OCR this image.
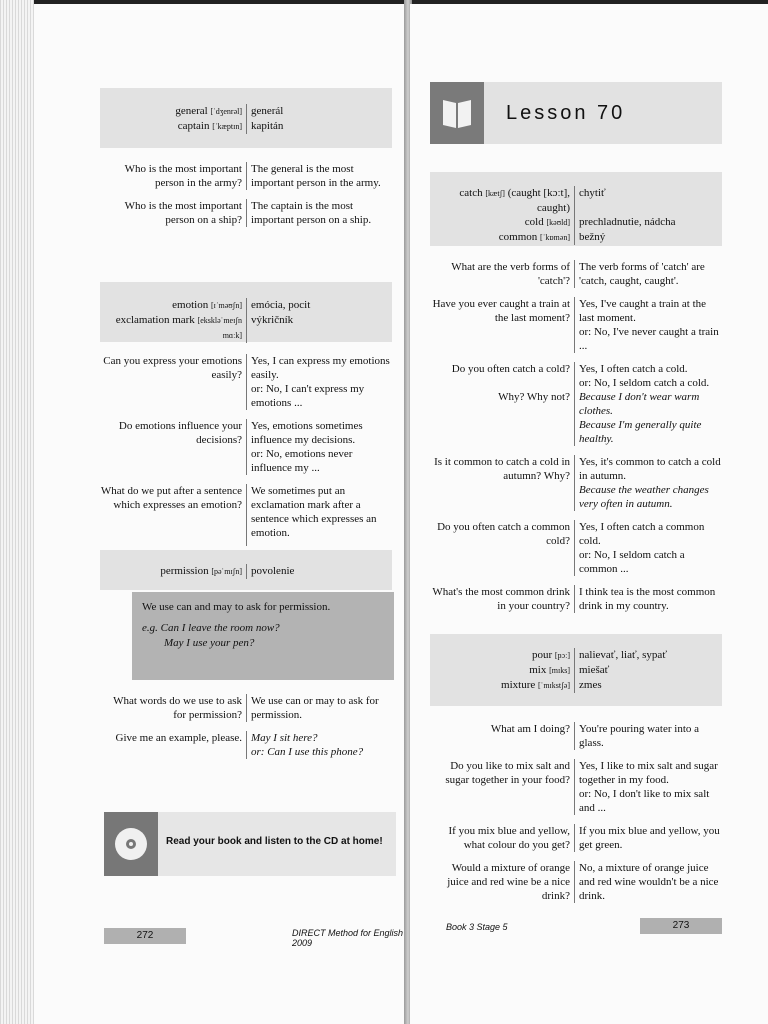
general [ˈdʒenrəl] generál
captain [ˈkæptɪn] kapitán
Who is the most important person in the army?
The general is the most important person in the army.
Who is the most important person on a ship?
The captain is the most important person on a ship.
emotion [ɪˈməʊʃn] emócia, pocit
exclamation mark [ekskləˈmeɪʃn mɑːk]
výkričník
Can you express your emotions easily?
Yes, I can express my emotions easily.
or: No, I can't express my emotions ...
Do emotions influence your decisions?
Yes, emotions sometimes influence my decisions.
or: No, emotions never influence my ...
What do we put after a sentence which expresses an emotion?
We sometimes put an exclamation mark after a sentence which expresses an emotion.
permission [pəˈmɪʃn] povolenie
We use can and may to ask for permission.
e.g. Can I leave the room now?
May I use your pen?
What words do we use to ask for permission?
We use can or may to ask for permission.
Give me an example, please. May I sit here?
or: Can I use this phone?
Read your book and listen to the CD at home!
272	DIRECT Method for English 2009
Lesson 70
catch [kætʃ] (caught [kɔːt], caught)
chytiť
cold [kəʊld] prechladnutie, nádcha
common [ˈkɒmən] bežný
What are the verb forms of 'catch'?
The verb forms of 'catch' are 'catch, caught, caught'.
Have you ever caught a train at the last moment?
Yes, I've caught a train at the last moment.
or: No, I've never caught a train ...
Do you often catch a cold? Yes, I often catch a cold.
or: No, I seldom catch a cold.
Why? Why not? Because I don't wear warm clothes.
Because I'm generally quite healthy.
Is it common to catch a cold in autumn? Why?
Yes, it's common to catch a cold in autumn.
Because the weather changes very often in autumn.
Do you often catch a common cold?
Yes, I often catch a common cold.
or: No, I seldom catch a common ...
What's the most common drink in your country?
I think tea is the most common drink in my country.
pour [pɔː] nalievať, liať, sypať
mix [mɪks] miešať
mixture [ˈmɪkstʃə] zmes
What am I doing? You're pouring water into a glass.
Do you like to mix salt and sugar together in your food?
Yes, I like to mix salt and sugar together in my food.
or: No, I don't like to mix salt and ...
If you mix blue and yellow, what colour do you get?
If you mix blue and yellow, you get green.
Would a mixture of orange juice and red wine be a nice drink?
No, a mixture of orange juice and red wine wouldn't be a nice drink.
Book 3 Stage 5	273
